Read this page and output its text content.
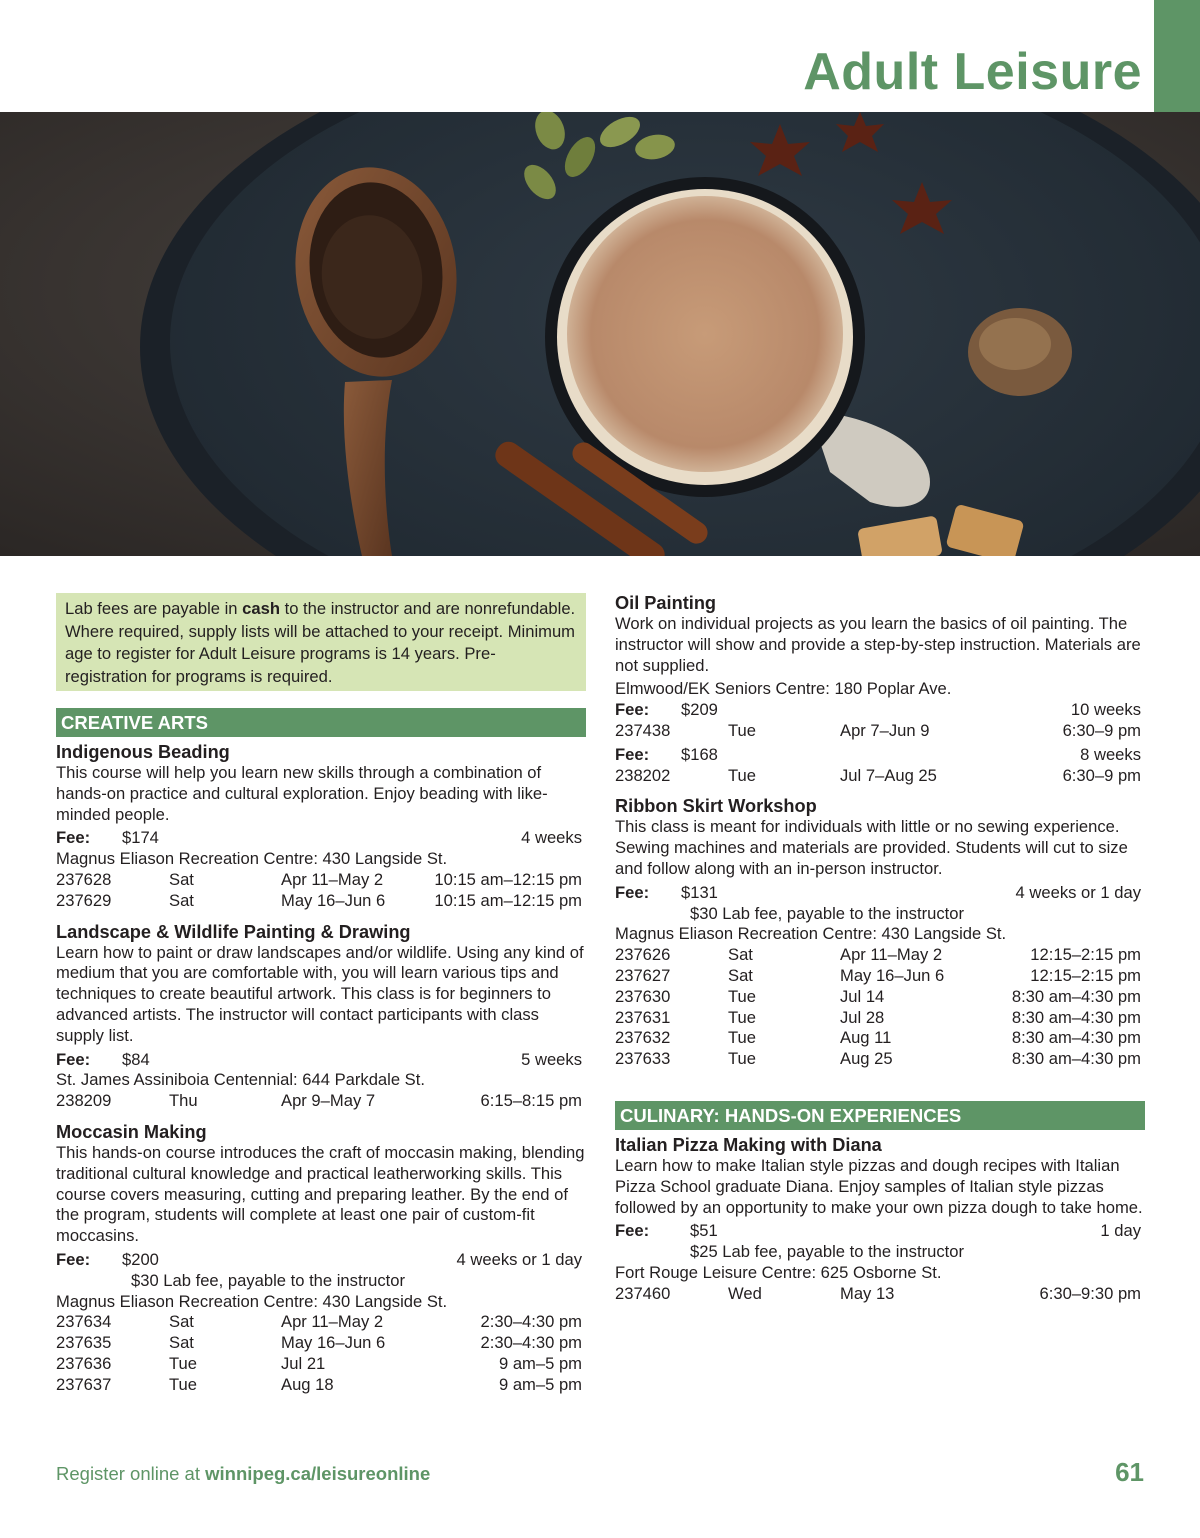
Adult Leisure
Lab fees are payable in cash to the instructor and are nonrefundable. Where required, supply lists will be attached to your receipt. Minimum age to register for Adult Leisure programs is 14 years. Pre-registration for programs is required.
CREATIVE ARTS

Indigenous Beading

This course will help you learn new skills through a combination of hands-on practice and cultural exploration. Enjoy beading with like-minded people.

Fee:	$174	4 weeks
Magnus Eliason Recreation Centre: 430 Langside St.
237628	Sat	Apr 11–May 2	10:15 am–12:15 pm
237629	Sat	May 16–Jun 6	10:15 am–12:15 pm

Landscape & Wildlife Painting & Drawing

Learn how to paint or draw landscapes and/or wildlife. Using any kind of medium that you are comfortable with, you will learn various tips and techniques to create beautiful artwork. This class is for beginners to advanced artists. The instructor will contact participants with class supply list.

Fee:	$84	5 weeks
St. James Assiniboia Centennial: 644 Parkdale St.
238209	Thu	Apr 9–May 7	6:15–8:15 pm

Moccasin Making

This hands-on course introduces the craft of moccasin making, blending traditional cultural knowledge and practical leatherworking skills. This course covers measuring, cutting and preparing leather. By the end of the program, students will complete at least one pair of custom-fit moccasins.

Fee:	$200	4 weeks or 1 day
$30 Lab fee, payable to the instructor
Magnus Eliason Recreation Centre: 430 Langside St.
237634	Sat	Apr 11–May 2	2:30–4:30 pm
237635	Sat	May 16–Jun 6	2:30–4:30 pm
237636	Tue	Jul 21	9 am–5 pm
237637	Tue	Aug 18	9 am–5 pm

Oil Painting

Work on individual projects as you learn the basics of oil painting. The instructor will show and provide a step-by-step instruction. Materials are not supplied.

Elmwood/EK Seniors Centre: 180 Poplar Ave.
Fee:	$209	10 weeks
237438	Tue	Apr 7–Jun 9	6:30–9 pm
Fee:	$168	8 weeks
238202	Tue	Jul 7–Aug 25	6:30–9 pm

Ribbon Skirt Workshop

This class is meant for individuals with little or no sewing experience. Sewing machines and materials are provided. Students will cut to size and follow along with an in-person instructor.

Fee:	$131	4 weeks or 1 day
$30 Lab fee, payable to the instructor
Magnus Eliason Recreation Centre: 430 Langside St.
237626	Sat	Apr 11–May 2	12:15–2:15 pm
237627	Sat	May 16–Jun 6	12:15–2:15 pm
237630	Tue	Jul 14	8:30 am–4:30 pm
237631	Tue	Jul 28	8:30 am–4:30 pm
237632	Tue	Aug 11	8:30 am–4:30 pm
237633	Tue	Aug 25	8:30 am–4:30 pm
CULINARY: HANDS-ON EXPERIENCES

Italian Pizza Making with Diana

Learn how to make Italian style pizzas and dough recipes with Italian Pizza School graduate Diana. Enjoy samples of Italian style pizzas followed by an opportunity to make your own pizza dough to take home.

Fee:	$51	1 day
$25 Lab fee, payable to the instructor
Fort Rouge Leisure Centre: 625 Osborne St.
237460	Wed	May 13	6:30–9:30 pm
Register online at winnipeg.ca/leisureonline	61
